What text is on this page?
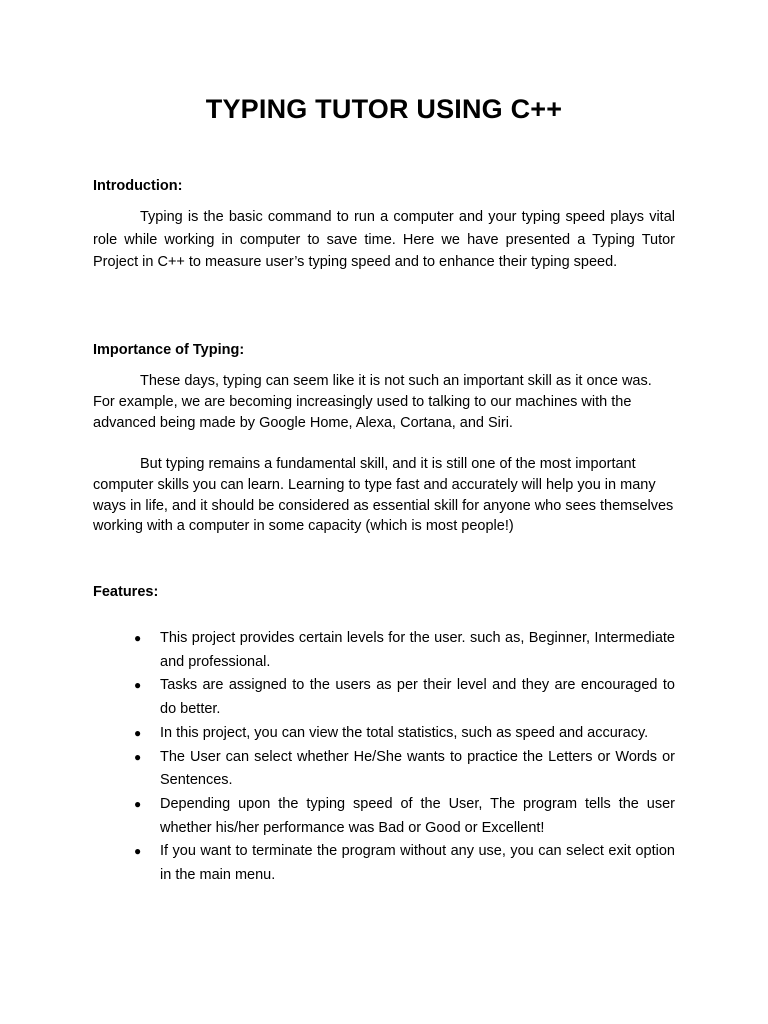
TYPING TUTOR USING C++
Introduction:

Typing is the basic command to run a computer and your typing speed plays vital role while working in computer to save time. Here we have presented a Typing Tutor Project in C++ to measure user’s typing speed and to enhance their typing speed.

Importance of Typing:

These days, typing can seem like it is not such an important skill as it once was. For example, we are becoming increasingly used to talking to our machines with the advanced being made by Google Home, Alexa, Cortana, and Siri.

But typing remains a fundamental skill, and it is still one of the most important computer skills you can learn. Learning to type fast and accurately will help you in many ways in life, and it should be considered as essential skill for anyone who sees themselves working with a computer in some capacity (which is most people!)

Features:
● This project provides certain levels for the user. such as, Beginner, Intermediate and professional.
● Tasks are assigned to the users as per their level and they are encouraged to do better.
● In this project, you can view the total statistics, such as speed and accuracy.
● The User can select whether He/She wants to practice the Letters or Words or Sentences.
● Depending upon the typing speed of the User, The program tells the user whether his/her performance was Bad or Good or Excellent!
● If you want to terminate the program without any use, you can select exit option in the main menu.
